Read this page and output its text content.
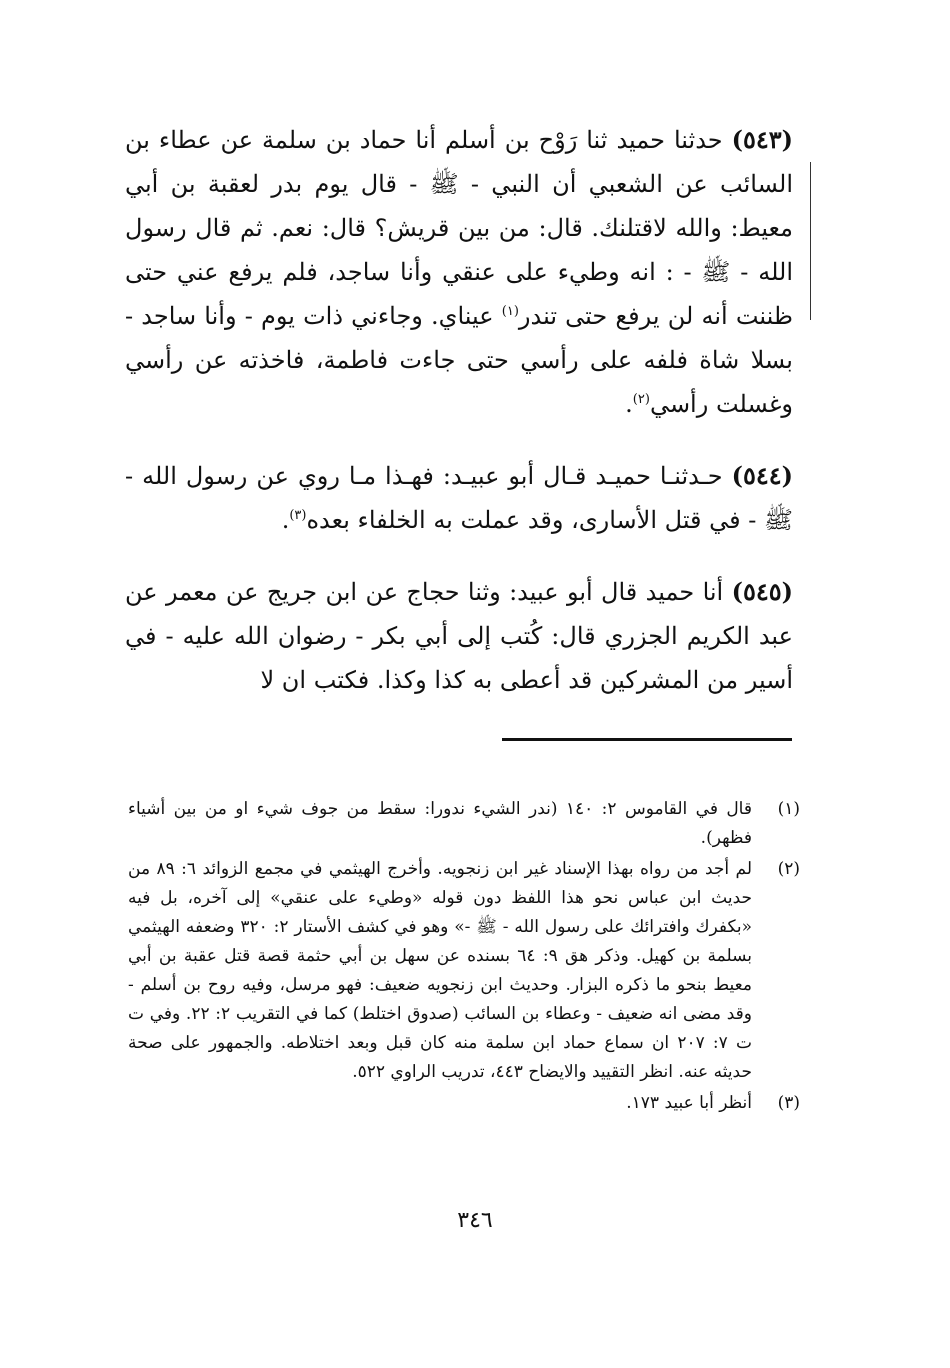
(٥٤٣) حدثنا حميد ثنا رَوْح بن أسلم أنا حماد بن سلمة عن عطاء بن السائب عن الشعبي أن النبي - ﷺ - قال يوم بدر لعقبة بن أبي معيط: والله لاقتلنك. قال: من بين قريش؟ قال: نعم. ثم قال رسول الله - ﷺ - : انه وطيء على عنقي وأنا ساجد، فلم يرفع عني حتى ظننت أنه لن يرفع حتى تندر$^{(١)}$ عيناي. وجاءني ذات يوم - وأنا ساجد - بسلا شاة فلفه على رأسي حتى جاءت فاطمة، فاخذته عن رأسي وغسلت رأسي$^{(٢)}$.

(٥٤٤) حـدثنـا حميـد قـال أبو عبيـد: فهـذا مـا روي عن رسول الله - ﷺ - في قتل الأسارى، وقد عملت به الخلفاء بعده$^{(٣)}$.

(٥٤٥) أنا حميد قال أبو عبيد: وثنا حجاج عن ابن جريج عن معمر عن عبد الكريم الجزري قال: كُتب إلى أبي بكر - رضوان الله عليه - في أسير من المشركين قد أعطى به كذا وكذا. فكتب ان لا

(١)
قال في القاموس ٢: ١٤٠ (ندر الشيء ندورا: سقط من جوف شيء او من بين أشياء فظهر).
(٢)
لم أجد من رواه بهذا الإسناد غير ابن زنجويه. وأخرج الهيثمي في مجمع الزوائد ٦: ٨٩ من حديث ابن عباس نحو هذا اللفظ دون قوله «وطيء على عنقي» إلى آخره، بل فيه «بكفرك وافترائك على رسول الله - ﷺ -» وهو في كشف الأستار ٢: ٣٢٠ وضعفه الهيثمي بسلمة بن كهيل. وذكر هق ٩: ٦٤ بسنده عن سهل بن أبي حثمة قصة قتل عقبة بن أبي معيط بنحو ما ذكره البزار. وحديث ابن زنجويه ضعيف: فهو مرسل، وفيه روح بن أسلم - وقد مضى انه ضعيف - وعطاء بن السائب (صدوق اختلط) كما في التقريب ٢: ٢٢. وفي ت ت ٧: ٢٠٧ ان سماع حماد ابن سلمة منه كان قبل وبعد اختلاطه. والجمهور على صحة حديثه عنه. انظر التقييد والايضاح ٤٤٣، تدريب الراوي ٥٢٢.
(٣)
أنظر أبا عبيد ١٧٣.
٣٤٦
